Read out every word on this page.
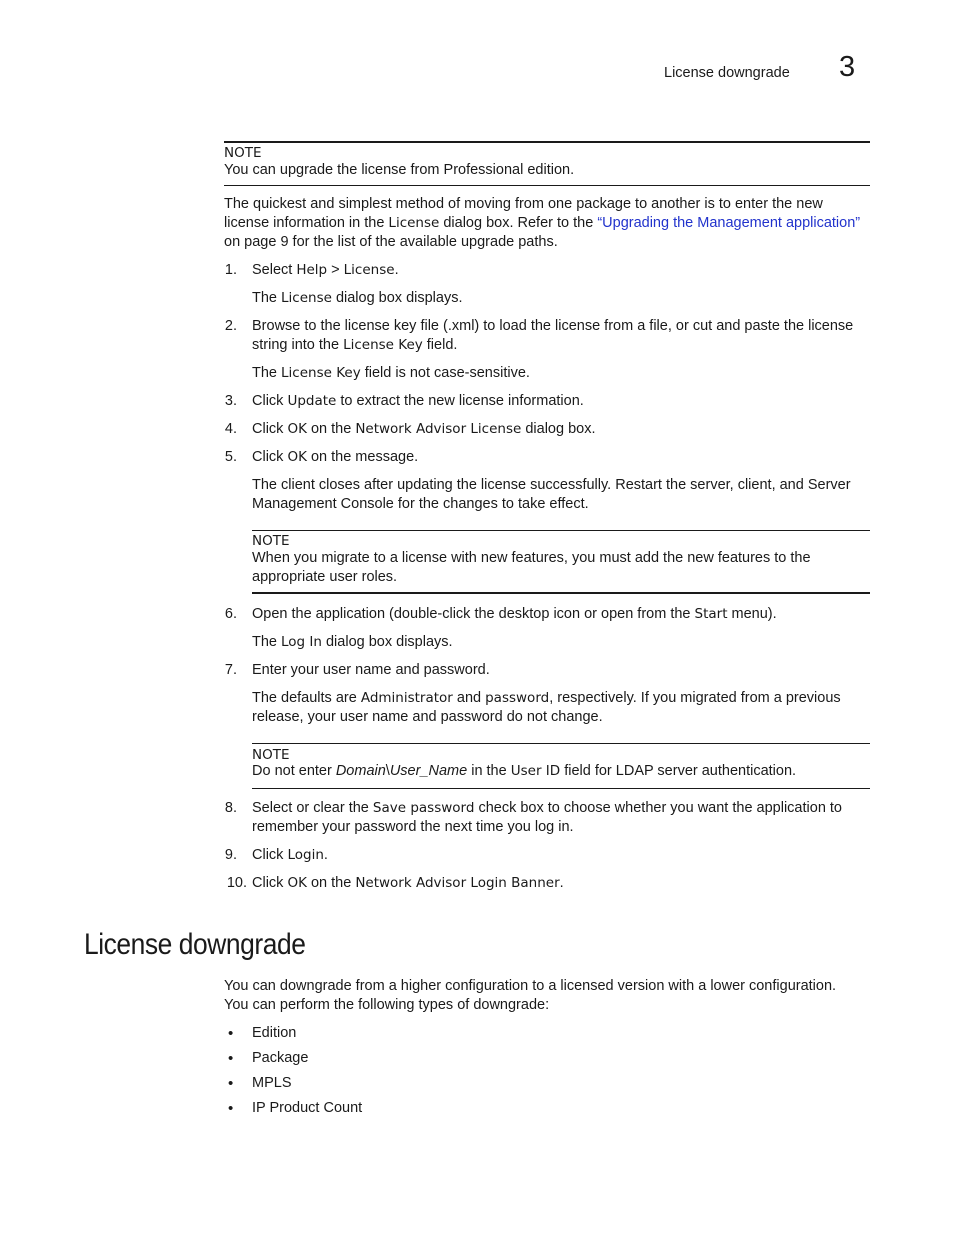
License downgrade 3
NOTE
You can upgrade the license from Professional edition.

The quickest and simplest method of moving from one package to another is to enter the new license information in the License dialog box. Refer to the “Upgrading the Management application” on page 9 for the list of the available upgrade paths.

1. Select Help > License.

The License dialog box displays.

2. Browse to the license key file (.xml) to load the license from a file, or cut and paste the license string into the License Key field.

The License Key field is not case-sensitive.

3. Click Update to extract the new license information.

4. Click OK on the Network Advisor License dialog box.

5. Click OK on the message.

The client closes after updating the license successfully. Restart the server, client, and Server Management Console for the changes to take effect.

NOTE

When you migrate to a license with new features, you must add the new features to the appropriate user roles.

6. Open the application (double-click the desktop icon or open from the Start menu).

The Log In dialog box displays.

7. Enter your user name and password.

The defaults are Administrator and password, respectively. If you migrated from a previous release, your user name and password do not change.

NOTE

Do not enter Domain\User_Name in the User ID field for LDAP server authentication.

8. Select or clear the Save password check box to choose whether you want the application to remember your password the next time you log in.

9. Click Login.

10. Click OK on the Network Advisor Login Banner.

License downgrade

You can downgrade from a higher configuration to a licensed version with a lower configuration. You can perform the following types of downgrade:

• Edition
• Package
• MPLS
• IP Product Count
